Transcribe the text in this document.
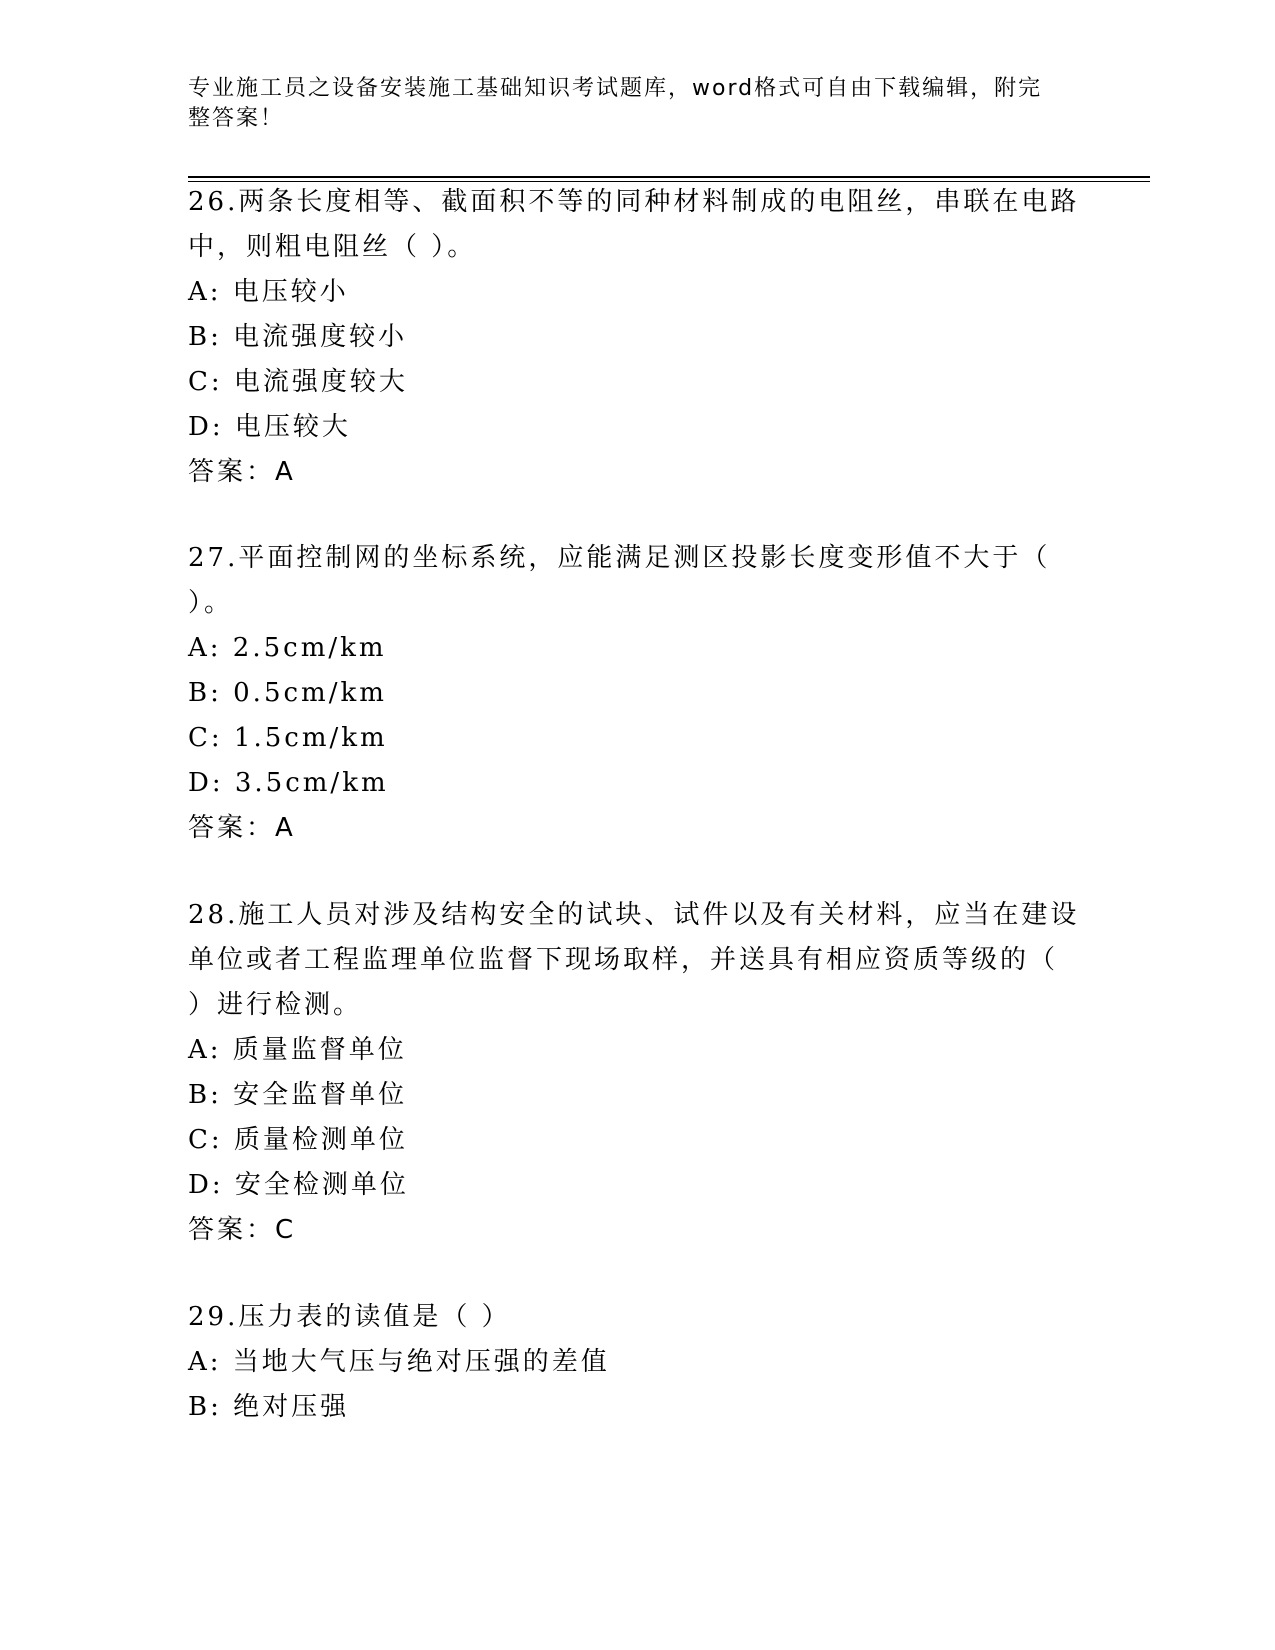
专业施工员之设备安装施工基础知识考试题库，word格式可自由下载编辑，附完
整答案！
26.两条长度相等、截面积不等的同种材料制成的电阻丝，串联在电路
中，则粗电阻丝（ ）。
A: 电压较小
B: 电流强度较小
C: 电流强度较大
D: 电压较大
答案：A
27.平面控制网的坐标系统，应能满足测区投影长度变形值不大于（
）。
A: 2.5cm/km
B: 0.5cm/km
C: 1.5cm/km
D: 3.5cm/km
答案：A
28.施工人员对涉及结构安全的试块、试件以及有关材料，应当在建设
单位或者工程监理单位监督下现场取样，并送具有相应资质等级的（
）进行检测。
A: 质量监督单位
B: 安全监督单位
C: 质量检测单位
D: 安全检测单位
答案：C
29.压力表的读值是（ ）
A: 当地大气压与绝对压强的差值
B: 绝对压强
